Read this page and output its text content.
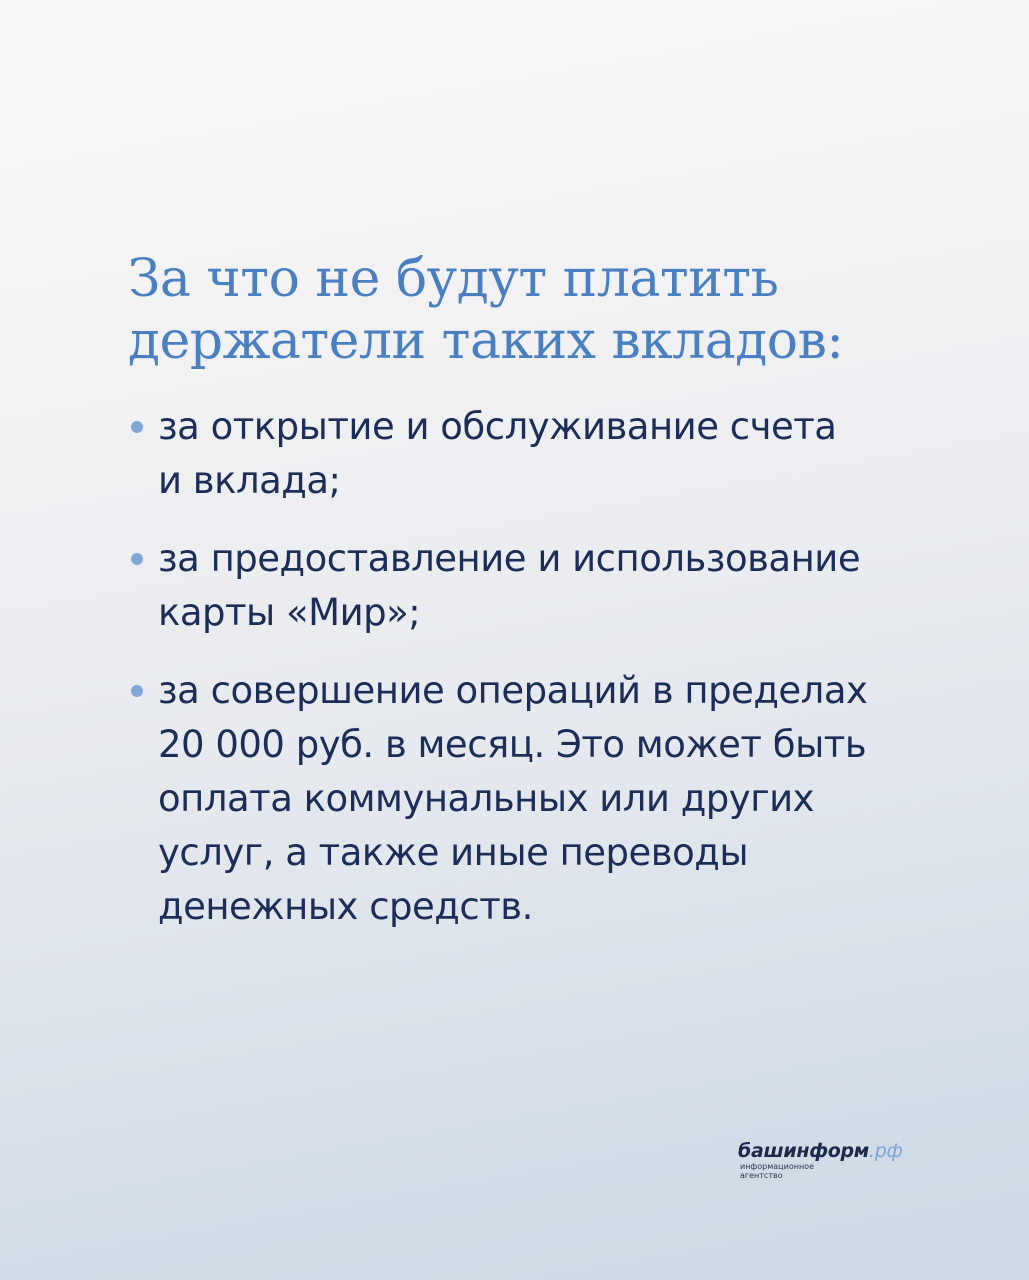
За что не будут платить
держатели таких вкладов:
за открытие и обслуживание счета
и вклада;
за предоставление и использование
карты «Мир»;
за совершение операций в пределах
20 000 руб. в месяц. Это может быть
оплата коммунальных или других
услуг, а также иные переводы
денежных средств.
башинформ.рф
информационное
агентство
